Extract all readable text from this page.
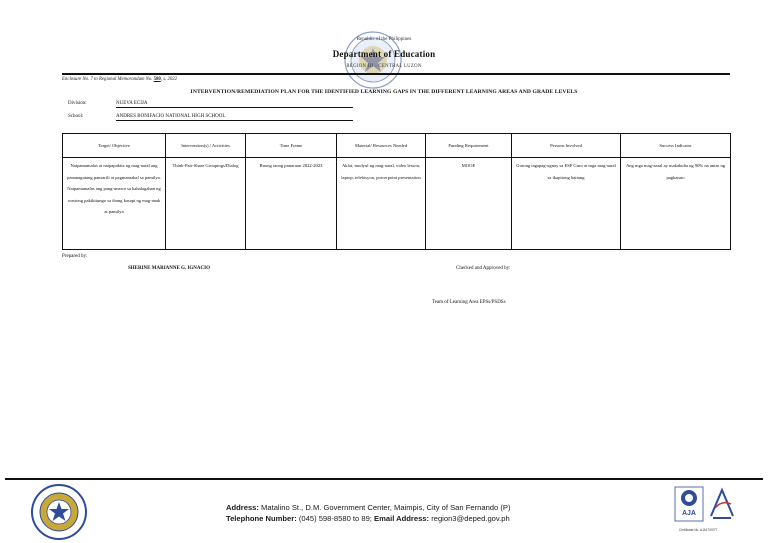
Republic of the Philippines
Department of Education
REGION III - CENTRAL LUZON
Enclosure No. 7 to Regional Memorandum No. 580, s. 2022
INTERVENTION/REMEDIATION PLAN FOR THE IDENTIFIED LEARNING GAPS IN THE DIFFERENT LEARNING AREAS AND GRADE LEVELS
Division:	NUEVA ECIJA
School:	ANDRES BONIFACIO NATIONAL HIGH SCHOOL
Target/ Objective	Intervention(s) / Activities	Time Frame	Material/ Resources Needed	Funding Requirement	Persons Involved	Success Indicator
Naipamamalas at naipapakita ng mag-aaral ang pananagutang pansarili at pagmamahal sa pamilya. Naipamamalas ang pang-unawa sa kahalagahan ng wastong pakikitungo sa ibang kasapi ng mag-anak at pamilya	Think-Pair-Share Groupings/Dialog	Buong taong panuruan 2022-2023	Aklat, modyul ng mag-aaral, video lesson, laptop, telebisyon, powerpoint presentation	MOOE	Gurong tagapag-ugnay sa ESP Guro at mga mag-aaral sa ikapitong baitang	Ang mga mag-aaral ay makakuha ng 90% na antas ng pagkatuto
Prepared by:
SHERINE MARIANNE G. IGNACIO	Checked and Approved by:
Team of Learning Area EPSs/PSDSs
Address: Matalino St., D.M. Government Center, Maimpis, City of San Fernando (P)
Telephone Number: (045) 598-8580 to 89; Email Address: region3@deped.gov.ph
AJA
Certificate No. AJA17/0077
